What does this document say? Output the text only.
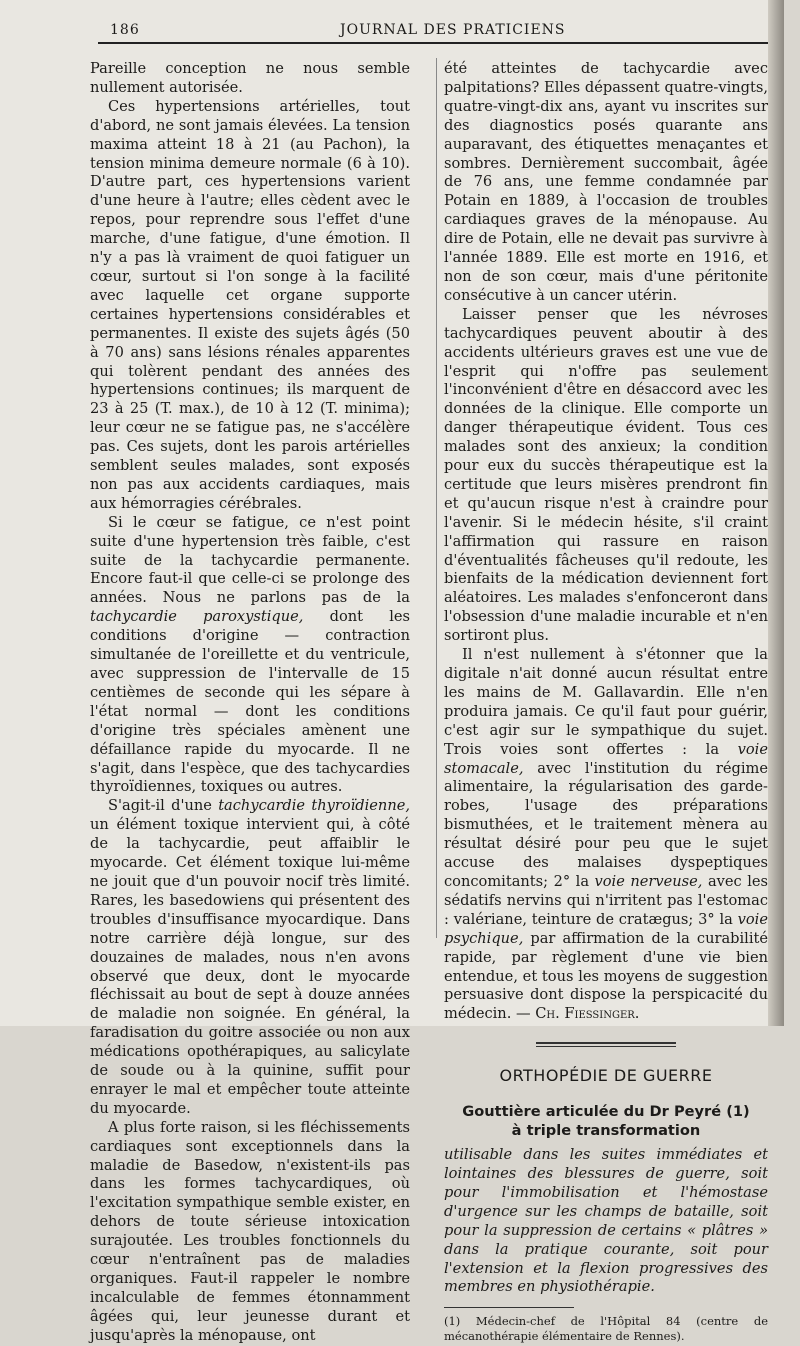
186	JOURNAL DES PRATICIENS

Pareille conception ne nous semble nullement autorisée.

Ces hypertensions artérielles, tout d'abord, ne sont jamais élevées. La tension maxima atteint 18 à 21 (au Pachon), la tension minima demeure normale (6 à 10). D'autre part, ces hypertensions varient d'une heure à l'autre; elles cèdent avec le repos, pour reprendre sous l'effet d'une marche, d'une fatigue, d'une émotion. Il n'y a pas là vraiment de quoi fatiguer un cœur, surtout si l'on songe à la facilité avec laquelle cet organe supporte certaines hypertensions considérables et permanentes. Il existe des sujets âgés (50 à 70 ans) sans lésions rénales apparentes qui tolèrent pendant des années des hypertensions continues; ils marquent de 23 à 25 (T. max.), de 10 à 12 (T. minima); leur cœur ne se fatigue pas, ne s'accélère pas. Ces sujets, dont les parois artérielles semblent seules malades, sont exposés non pas aux accidents cardiaques, mais aux hémorragies cérébrales.

Si le cœur se fatigue, ce n'est point suite d'une hypertension très faible, c'est suite de la tachycardie permanente. Encore faut-il que celle-ci se prolonge des années. Nous ne parlons pas de la tachycardie paroxystique, dont les conditions d'origine — contraction simultanée de l'oreillette et du ventricule, avec suppression de l'intervalle de 15 centièmes de seconde qui les sépare à l'état normal — dont les conditions d'origine très spéciales amènent une défaillance rapide du myocarde. Il ne s'agit, dans l'espèce, que des tachycardies thyroïdiennes, toxiques ou autres.

S'agit-il d'une tachycardie thyroïdienne, un élément toxique intervient qui, à côté de la tachycardie, peut affaiblir le myocarde. Cet élément toxique lui-même ne jouit que d'un pouvoir nocif très limité. Rares, les basedowiens qui présentent des troubles d'insuffisance myocardique. Dans notre carrière déjà longue, sur des douzaines de malades, nous n'en avons observé que deux, dont le myocarde fléchissait au bout de sept à douze années de maladie non soignée. En général, la faradisation du goitre associée ou non aux médications opothérapiques, au salicylate de soude ou à la quinine, suffit pour enrayer le mal et empêcher toute atteinte du myocarde.

A plus forte raison, si les fléchissements cardiaques sont exceptionnels dans la maladie de Basedow, n'existent-ils pas dans les formes tachycardiques, où l'excitation sympathique semble exister, en dehors de toute sérieuse intoxication surajoutée. Les troubles fonctionnels du cœur n'entraînent pas de maladies organiques. Faut-il rappeler le nombre incalculable de femmes étonnamment âgées qui, leur jeunesse durant et jusqu'après la ménopause, ont

été atteintes de tachycardie avec palpitations? Elles dépassent quatre-vingts, quatre-vingt-dix ans, ayant vu inscrites sur des diagnostics posés quarante ans auparavant, des étiquettes menaçantes et sombres. Dernièrement succombait, âgée de 76 ans, une femme condamnée par Potain en 1889, à l'occasion de troubles cardiaques graves de la ménopause. Au dire de Potain, elle ne devait pas survivre à l'année 1889. Elle est morte en 1916, et non de son cœur, mais d'une péritonite consécutive à un cancer utérin.

Laisser penser que les névroses tachycardiques peuvent aboutir à des accidents ultérieurs graves est une vue de l'esprit qui n'offre pas seulement l'inconvénient d'être en désaccord avec les données de la clinique. Elle comporte un danger thérapeutique évident. Tous ces malades sont des anxieux; la condition pour eux du succès thérapeutique est la certitude que leurs misères prendront fin et qu'aucun risque n'est à craindre pour l'avenir. Si le médecin hésite, s'il craint l'affirmation qui rassure en raison d'éventualités fâcheuses qu'il redoute, les bienfaits de la médication deviennent fort aléatoires. Les malades s'enfonceront dans l'obsession d'une maladie incurable et n'en sortiront plus.

Il n'est nullement à s'étonner que la digitale n'ait donné aucun résultat entre les mains de M. Gallavardin. Elle n'en produira jamais. Ce qu'il faut pour guérir, c'est agir sur le sympathique du sujet. Trois voies sont offertes : la voie stomacale, avec l'institution du régime alimentaire, la régularisation des garde-robes, l'usage des préparations bismuthées, et le traitement mènera au résultat désiré pour peu que le sujet accuse des malaises dyspeptiques concomitants; 2° la voie nerveuse, avec les sédatifs nervins qui n'irritent pas l'estomac : valériane, teinture de cratægus; 3° la voie psychique, par affirmation de la curabilité rapide, par règlement d'une vie bien entendue, et tous les moyens de suggestion persuasive dont dispose la perspicacité du médecin. — Ch. Fiessinger.

ORTHOPÉDIE DE GUERRE
Gouttière articulée du Dr Peyré (1)
à triple transformation
utilisable dans les suites immédiates et lointaines des blessures de guerre, soit pour l'immobilisation et l'hémostase d'urgence sur les champs de bataille, soit pour la suppression de certains « plâtres » dans la pratique courante, soit pour l'extension et la flexion progressives des membres en physiothérapie.
(1) Médecin-chef de l'Hôpital 84 (centre de mécanothérapie élémentaire de Rennes).
